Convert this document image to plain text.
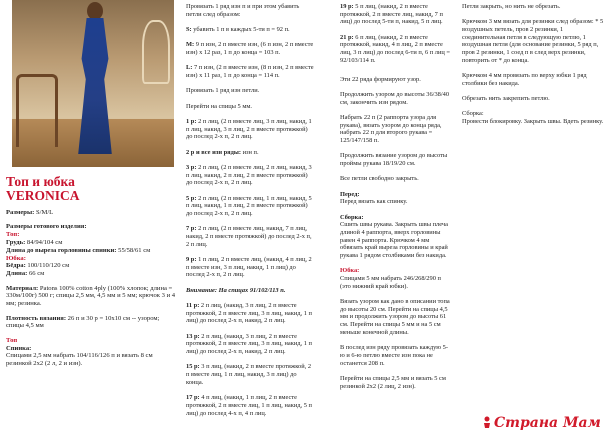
Топ и юбка
VERONICA

Размеры: S/M/L

Размеры готового изделия:
Топ:
Грудь: 84/94/104 см
Длина до выреза горловины спинки: 55/58/61 см
Юбка:
Бёдра: 100/110/120 см
Длина: 66 см

Материал: Patons 100% cotton 4ply (100% хлопок; длина = 330м/100г) 500 г; спицы 2,5 мм, 4,5 мм и 5 мм; крючок 3 и 4 мм; резинка.

Плотность вязания: 26 п и 30 р = 10х10 см -- узором; спицы 4,5 мм

Топ
Спинка:
Спицами 2,5 мм набрать 104/116/126 п и вязать 8 см резинкой 2х2 (2 л, 2 и изн).

Провязать 1 ряд изн п и при этом убавить петли след образом:

S: убавить 1 п в каждых 5-ти п = 92 п.

M: 9 п изн, 2 п вместе изн, (6 п изн, 2 п вместе изн) х 12 раз, 1 п до конца = 103 п.

L: 7 п изн, (2 п вместе изн, (8 п изн, 2 п вместе изн) х 11 раз, 1 п до конца = 114 п.

Провязать 1 ряд изн петли.

Перейти на спицы 5 мм.

1 р: 2 п лиц, (2 п вместе лиц, 3 п лиц, накид, 1 п лиц, накид, 3 п лиц, 2 п вместе протяжкой) до послед 2-х п, 2 п лиц.

2 р и все изн ряды: изн п.

3 р: 2 п лиц, (2 п вместе лиц, 2 п лиц, накид, 3 п лиц, накид, 2 п лиц, 2 п вместе протяжкой) до послед 2-х п, 2 п лиц.

5 р: 2 п лиц, (2 п вместе лиц, 1 п лиц, накид, 5 п лиц, накид, 1 п лиц, 2 п вместе протяжкой) до послед 2-х п, 2 п лиц.

7 р: 2 п лиц, (2 п вместе лиц, накид, 7 п лиц, накид, 2 п вместе протяжкой) до послед 2-х п, 2 п лиц.

9 р: 1 п лиц, 2 п вместе лиц, (накид, 4 п лиц, 2 п вместе изн, 3 п лиц, накид, 1 п лиц) до послед 2-х п, 2 п лиц.

Внимание: На спицах 91/102/113 п.

11 р: 2 п лиц, (накид, 3 п лиц, 2 п вместе протяжкой, 2 п вместе лиц, 3 п лиц, накид, 1 п лиц) до послед 2-х п, накид, 2 п лиц.

13 р: 2 п лиц, (накид, 3 п лиц, 2 п вместе протяжкой, 2 п вместе лиц, 3 п лиц, накид, 1 п лиц) до послед 2-х п, накид, 2 п лиц.

15 р: 3 п лиц, (накид, 2 п вместе протяжкой, 2 п вместе лиц, 1 п лиц, накид, 3 п лиц) до конца.

17 р: 4 п лиц, (накид, 1 п лиц, 2 п вместе протяжкой, 2 п вместе лиц, 1 п лиц, накид, 5 п лиц) до послед 4-х п, 4 п лиц.

19 р: 5 п лиц, (накид, 2 п вместе протяжкой, 2 п вместе лиц, накид, 7 п лиц) до послед 5-ти п, накид, 5 п лиц.

21 р: 6 п лиц, (накид, 2 п вместе протяжкой, накид, 4 п лиц, 2 п вместе лиц, 3 п лиц) до послед 6-ти п, 6 п лиц = 92/103/114 п.

Эти 22 ряда формируют узор.

Продолжить узором до высоты 36/38/40 см, закончить изн рядом.

Набрать 22 п (2 раппорта узора для рукава), вязать узором до конца ряда, набрать 22 п для второго рукава = 125/147/158 п.

Продолжить вязание узором до высоты проймы рукава 18/19/20 см.

Все петли свободно закрыть.

Перед:
Перед вязать как спинку.

Сборка:
Сшить швы рукава. Закрыть швы плеча длиной 4 раппорта, вверх горловины равен 4 раппорта. Крючком 4 мм обвязать край выреза горловины и край рукава 1 рядом столбиками без накида.

Юбка:
Спицами 5 мм набрать 246/268/290 п (это нижний край юбки).

Вязать узором как дано в описании топа до высоты 20 см. Перейти на спицы 4,5 мм и продолжить узором до высоты 61 см. Перейти на спицы 5 мм и на 5 см меньше конечной длины.

В послед изн ряду провязать каждую 5-ю и 6-ю петлю вместе изн пока не останется 208 п.

Перейти на спицы 2,5 мм и вязать 5 см резинкой 2х2 (2 лиц, 2 изн).

Петли закрыть, но нить не обрезать.

Крючком 3 мм вязать для резинки след образом: * 5 воздушных петель, пров 2 резинки, 1 соединительная петля в следующую петлю, 1 воздушная петля (для основание резинки, 5 ряд п, пров 2 резинки, 1 соед п в след верх резинки, повторить от * до конца.

Крючком 4 мм провязать по верху юбки 1 ряд столбики без накида.

Обрезать нить закрепить петлю.

Сборка:
Провести блокировку. Закрыть швы. Вдеть резинку.

Страна Мам
